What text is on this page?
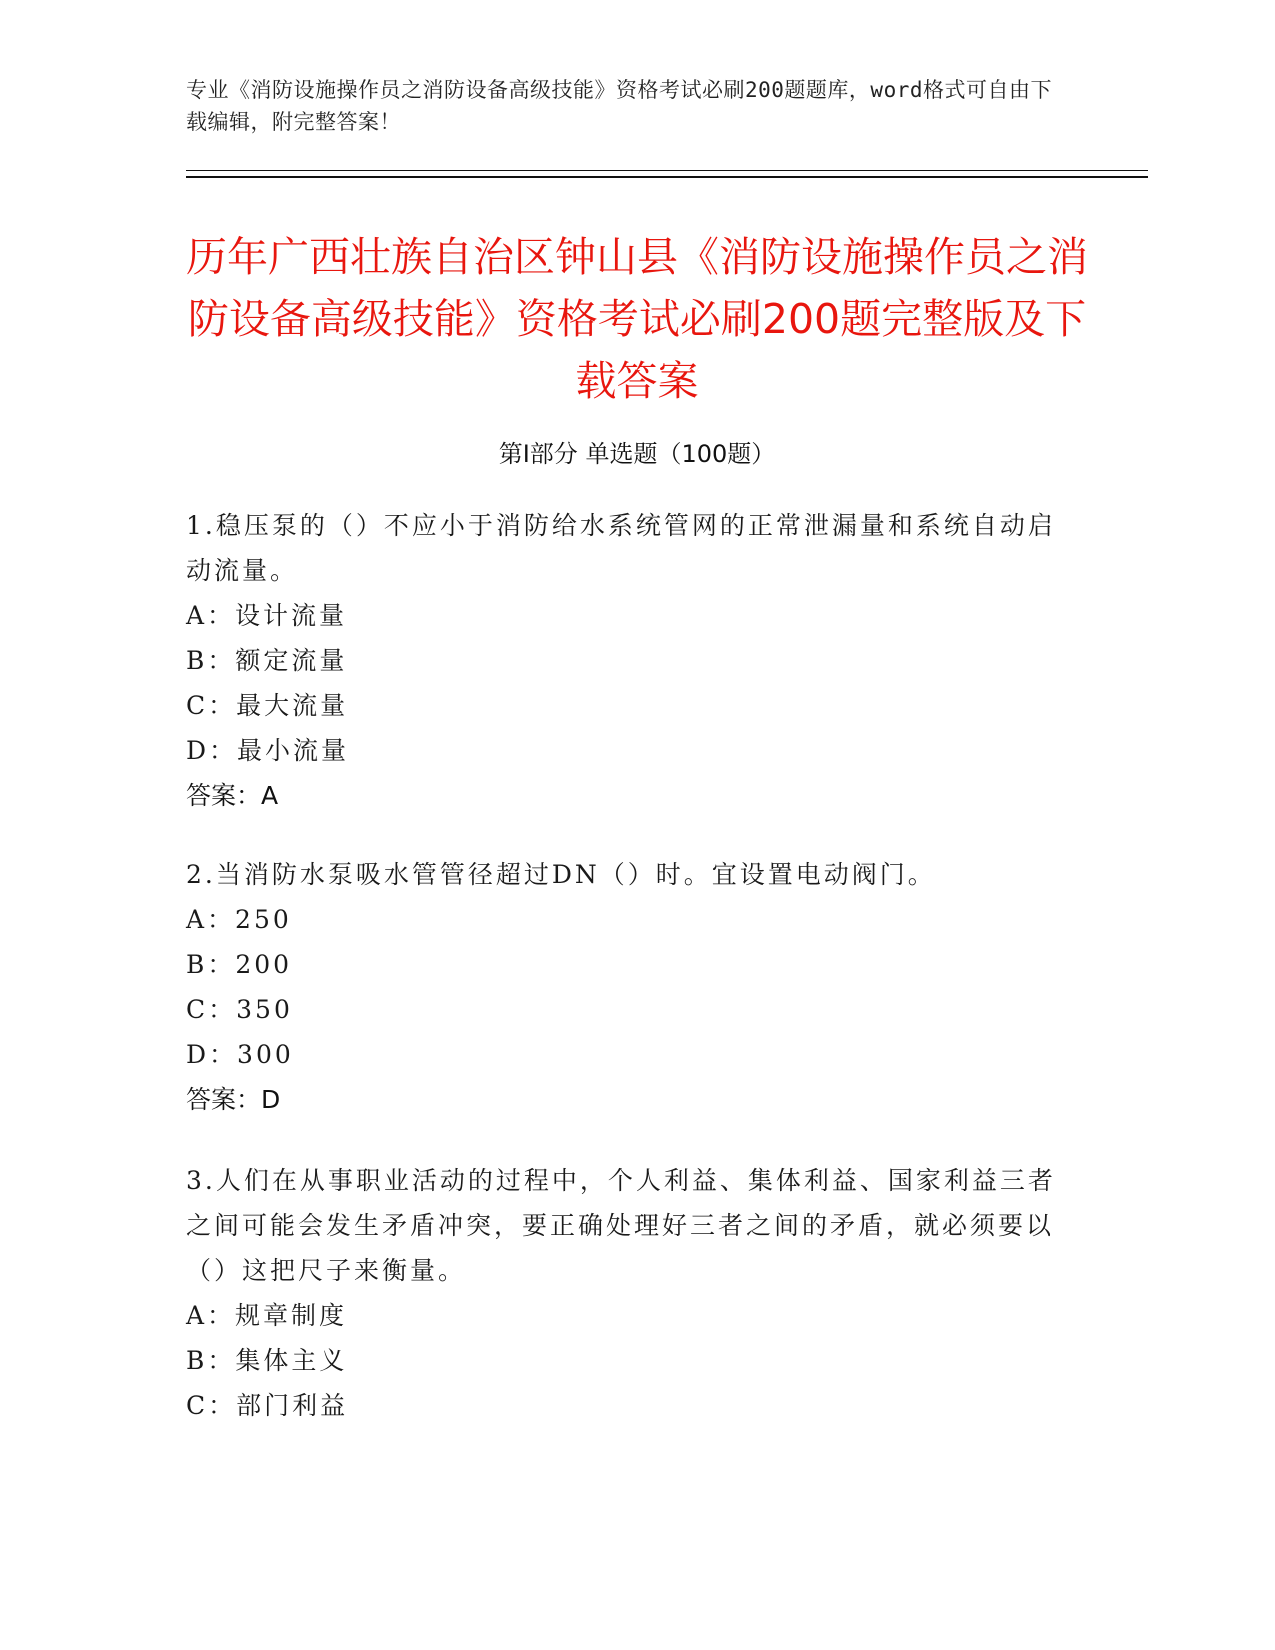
专业《消防设施操作员之消防设备高级技能》资格考试必刷200题题库，word格式可自由下载编辑，附完整答案！
历年广西壮族自治区钟山县《消防设施操作员之消防设备高级技能》资格考试必刷200题完整版及下载答案
第Ⅰ部分 单选题（100题）
1.稳压泵的（）不应小于消防给水系统管网的正常泄漏量和系统自动启动流量。
A：设计流量
B：额定流量
C：最大流量
D：最小流量
答案：A
2.当消防水泵吸水管管径超过DN（）时。宜设置电动阀门。
A：250
B：200
C：350
D：300
答案：D
3.人们在从事职业活动的过程中，个人利益、集体利益、国家利益三者之间可能会发生矛盾冲突，要正确处理好三者之间的矛盾，就必须要以（）这把尺子来衡量。
A：规章制度
B：集体主义
C：部门利益
